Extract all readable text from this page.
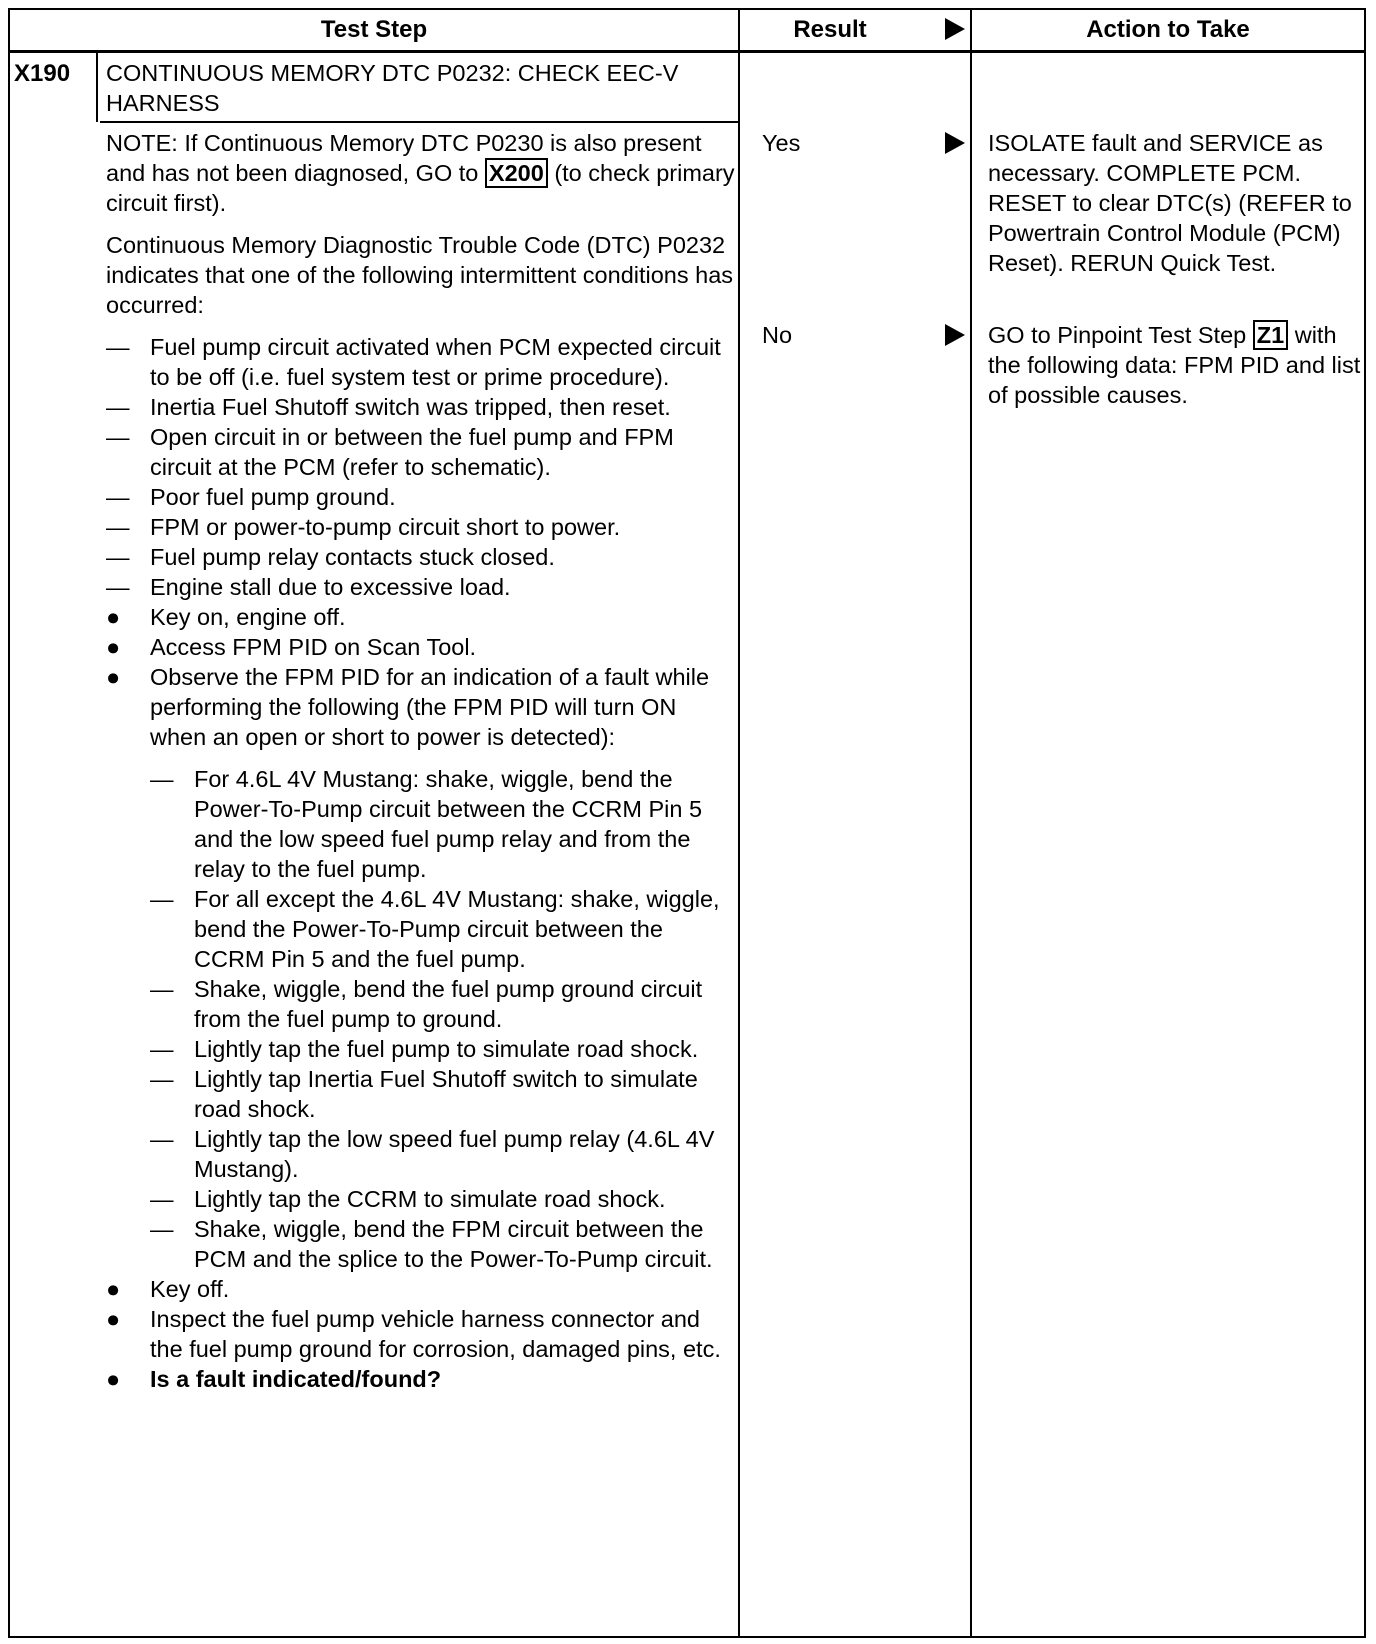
Test Step	Result	Action to Take
X190 CONTINUOUS MEMORY DTC P0232: CHECK EEC-V HARNESS

NOTE: If Continuous Memory DTC P0230 is also present and has not been diagnosed, GO to X200 (to check primary circuit first).

Continuous Memory Diagnostic Trouble Code (DTC) P0232 indicates that one of the following intermittent conditions has occurred:

— Fuel pump circuit activated when PCM expected circuit to be off (i.e. fuel system test or prime procedure).
— Inertia Fuel Shutoff switch was tripped, then reset.
— Open circuit in or between the fuel pump and FPM circuit at the PCM (refer to schematic).
— Poor fuel pump ground.
— FPM or power-to-pump circuit short to power.
— Fuel pump relay contacts stuck closed.
— Engine stall due to excessive load.
● Key on, engine off.
● Access FPM PID on Scan Tool.
● Observe the FPM PID for an indication of a fault while performing the following (the FPM PID will turn ON when an open or short to power is detected):
— For 4.6L 4V Mustang: shake, wiggle, bend the Power-To-Pump circuit between the CCRM Pin 5 and the low speed fuel pump relay and from the relay to the fuel pump.
— For all except the 4.6L 4V Mustang: shake, wiggle, bend the Power-To-Pump circuit between the CCRM Pin 5 and the fuel pump.
— Shake, wiggle, bend the fuel pump ground circuit from the fuel pump to ground.
— Lightly tap the fuel pump to simulate road shock.
— Lightly tap Inertia Fuel Shutoff switch to simulate road shock.
— Lightly tap the low speed fuel pump relay (4.6L 4V Mustang).
— Lightly tap the CCRM to simulate road shock.
— Shake, wiggle, bend the FPM circuit between the PCM and the splice to the Power-To-Pump circuit.
● Key off.
● Inspect the fuel pump vehicle harness connector and the fuel pump ground for corrosion, damaged pins, etc.
● Is a fault indicated/found?
Yes	ISOLATE fault and SERVICE as necessary. COMPLETE PCM. RESET to clear DTC(s) (REFER to Powertrain Control Module (PCM) Reset). RERUN Quick Test.
No	GO to Pinpoint Test Step Z1 with the following data: FPM PID and list of possible causes.
